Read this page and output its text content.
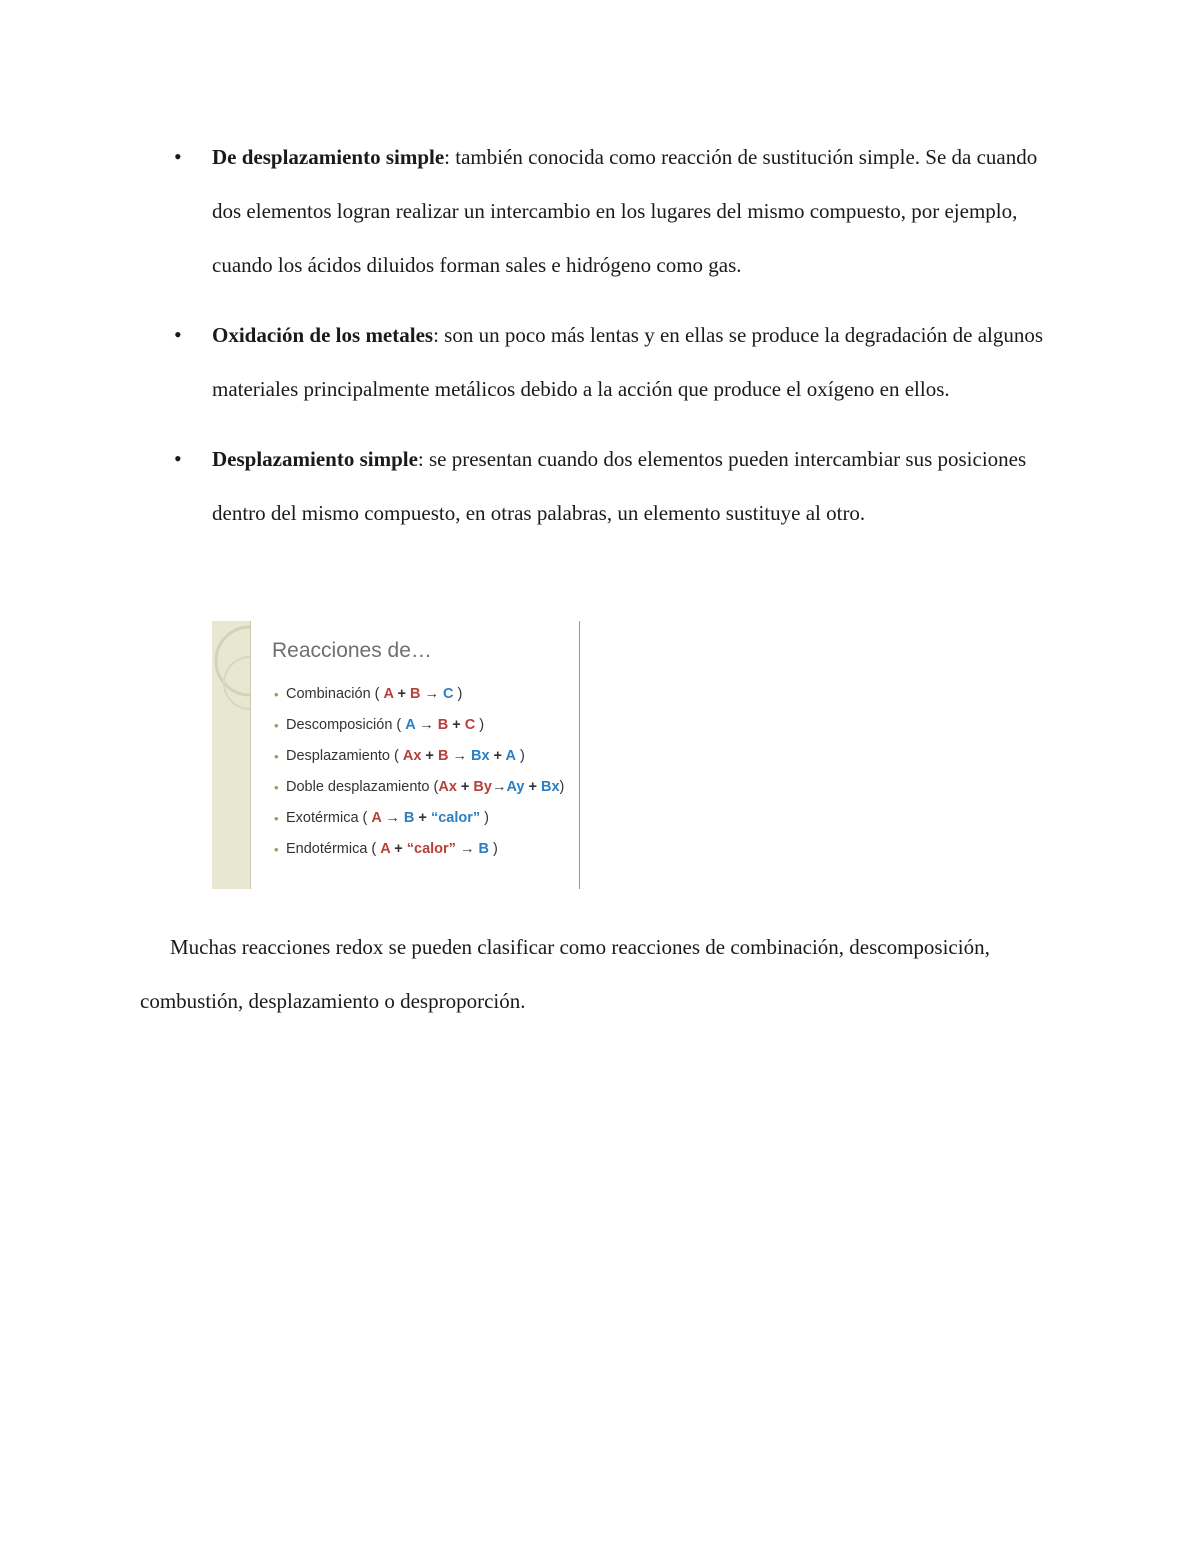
• De desplazamiento simple: también conocida como reacción de sustitución simple. Se da cuando dos elementos logran realizar un intercambio en los lugares del mismo compuesto, por ejemplo, cuando los ácidos diluidos forman sales e hidrógeno como gas.
• Oxidación de los metales: son un poco más lentas y en ellas se produce la degradación de algunos materiales principalmente metálicos debido a la acción que produce el oxígeno en ellos.
• Desplazamiento simple: se presentan cuando dos elementos pueden intercambiar sus posiciones dentro del mismo compuesto, en otras palabras, un elemento sustituye al otro.
Reacciones de…
• Combinación ( A + B → C )
• Descomposición ( A → B + C )
• Desplazamiento ( Ax + B → Bx + A )
• Doble desplazamiento (Ax + By→Ay + Bx)
• Exotérmica ( A → B + “calor” )
• Endotérmica ( A + “calor” → B )

Muchas reacciones redox se pueden clasificar como reacciones de combinación, descomposición, combustión, desplazamiento o desproporción.
